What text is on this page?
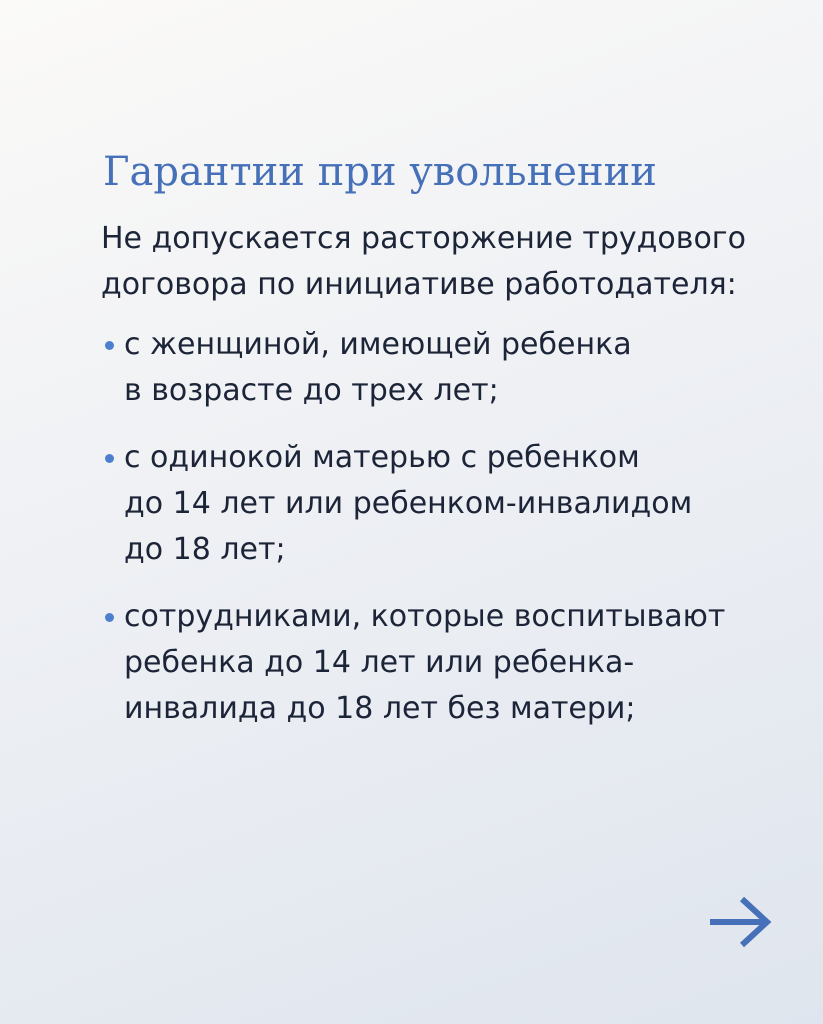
Гарантии при увольнении

Не допускается расторжение трудового
договора по инициативе работодателя:

с женщиной, имеющей ребенка
в возрасте до трех лет;
с одинокой матерью с ребенком
до 14 лет или ребенком-инвалидом
до 18 лет;
сотрудниками, которые воспитывают
ребенка до 14 лет или ребенка-
инвалида до 18 лет без матери;
